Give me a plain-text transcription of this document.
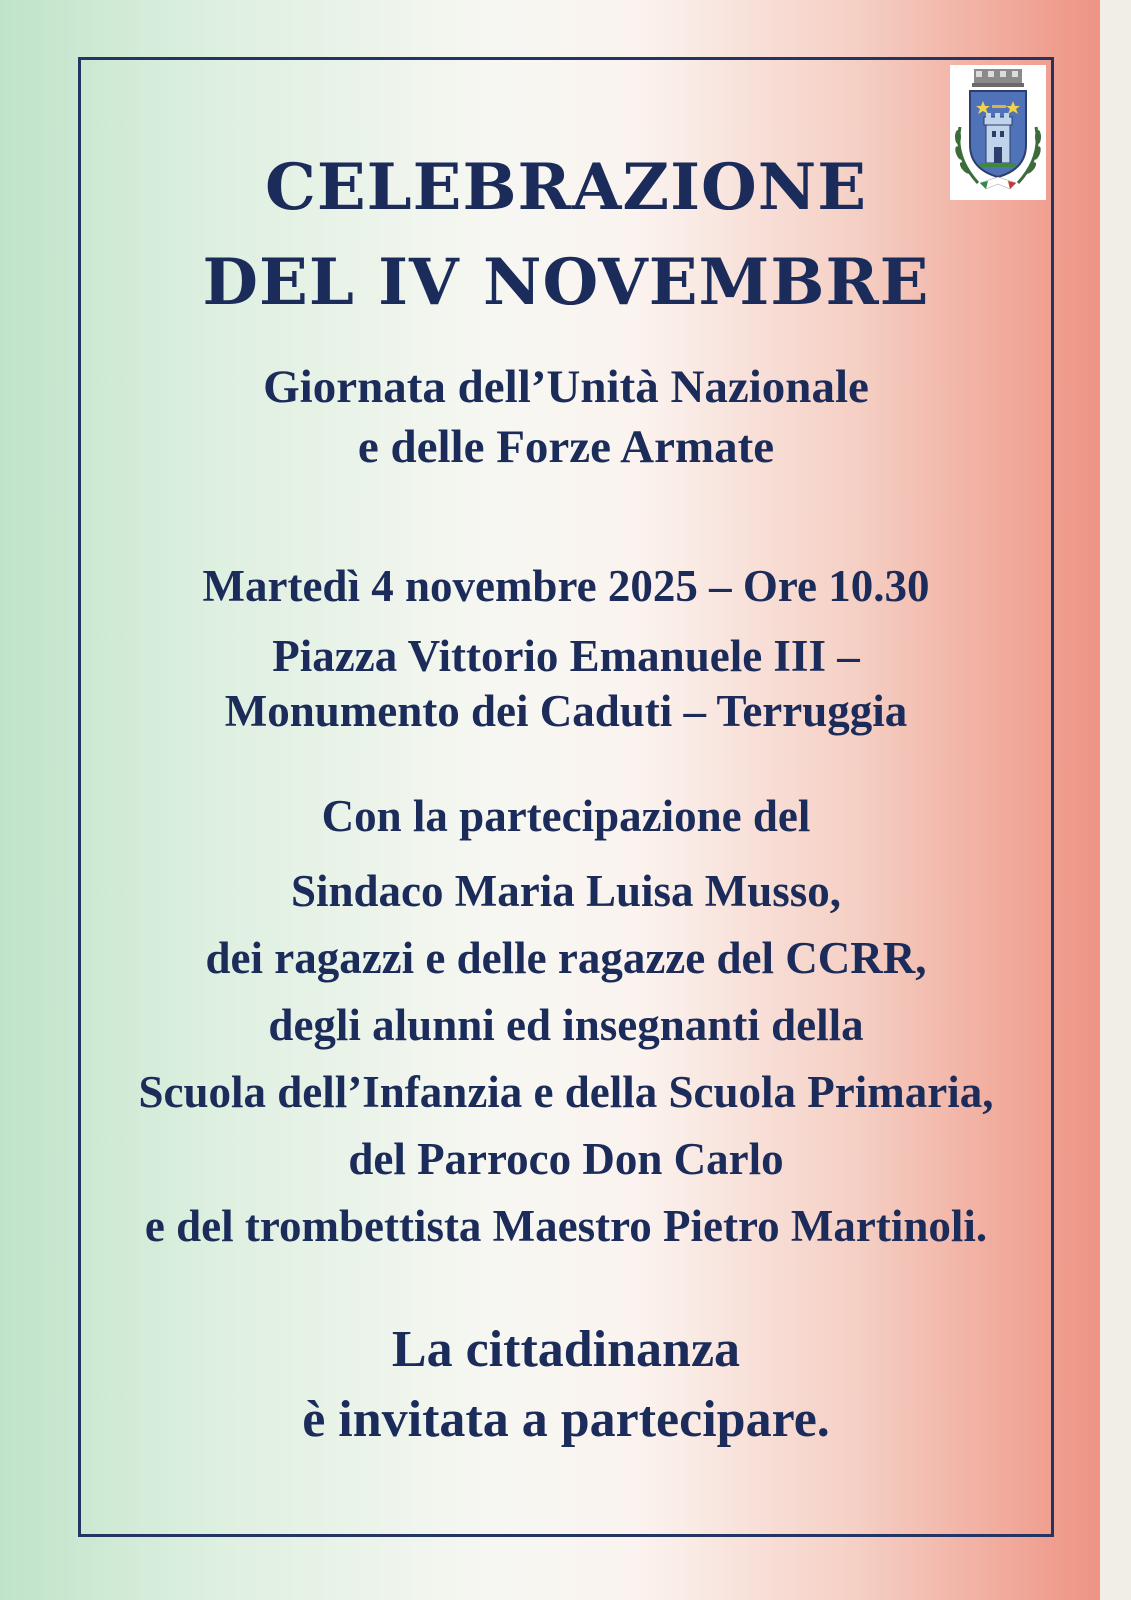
CELEBRAZIONE
DEL IV NOVEMBRE
Giornata dell’Unità Nazionale
e delle Forze Armate
Martedì 4 novembre 2025 – Ore 10.30
Piazza Vittorio Emanuele III –
Monumento dei Caduti – Terruggia
Con la partecipazione del
Sindaco Maria Luisa Musso,
dei ragazzi e delle ragazze del CCRR,
degli alunni ed insegnanti della
Scuola dell’Infanzia e della Scuola Primaria,
del Parroco Don Carlo
e del trombettista Maestro Pietro Martinoli.
La cittadinanza
è invitata a partecipare.
